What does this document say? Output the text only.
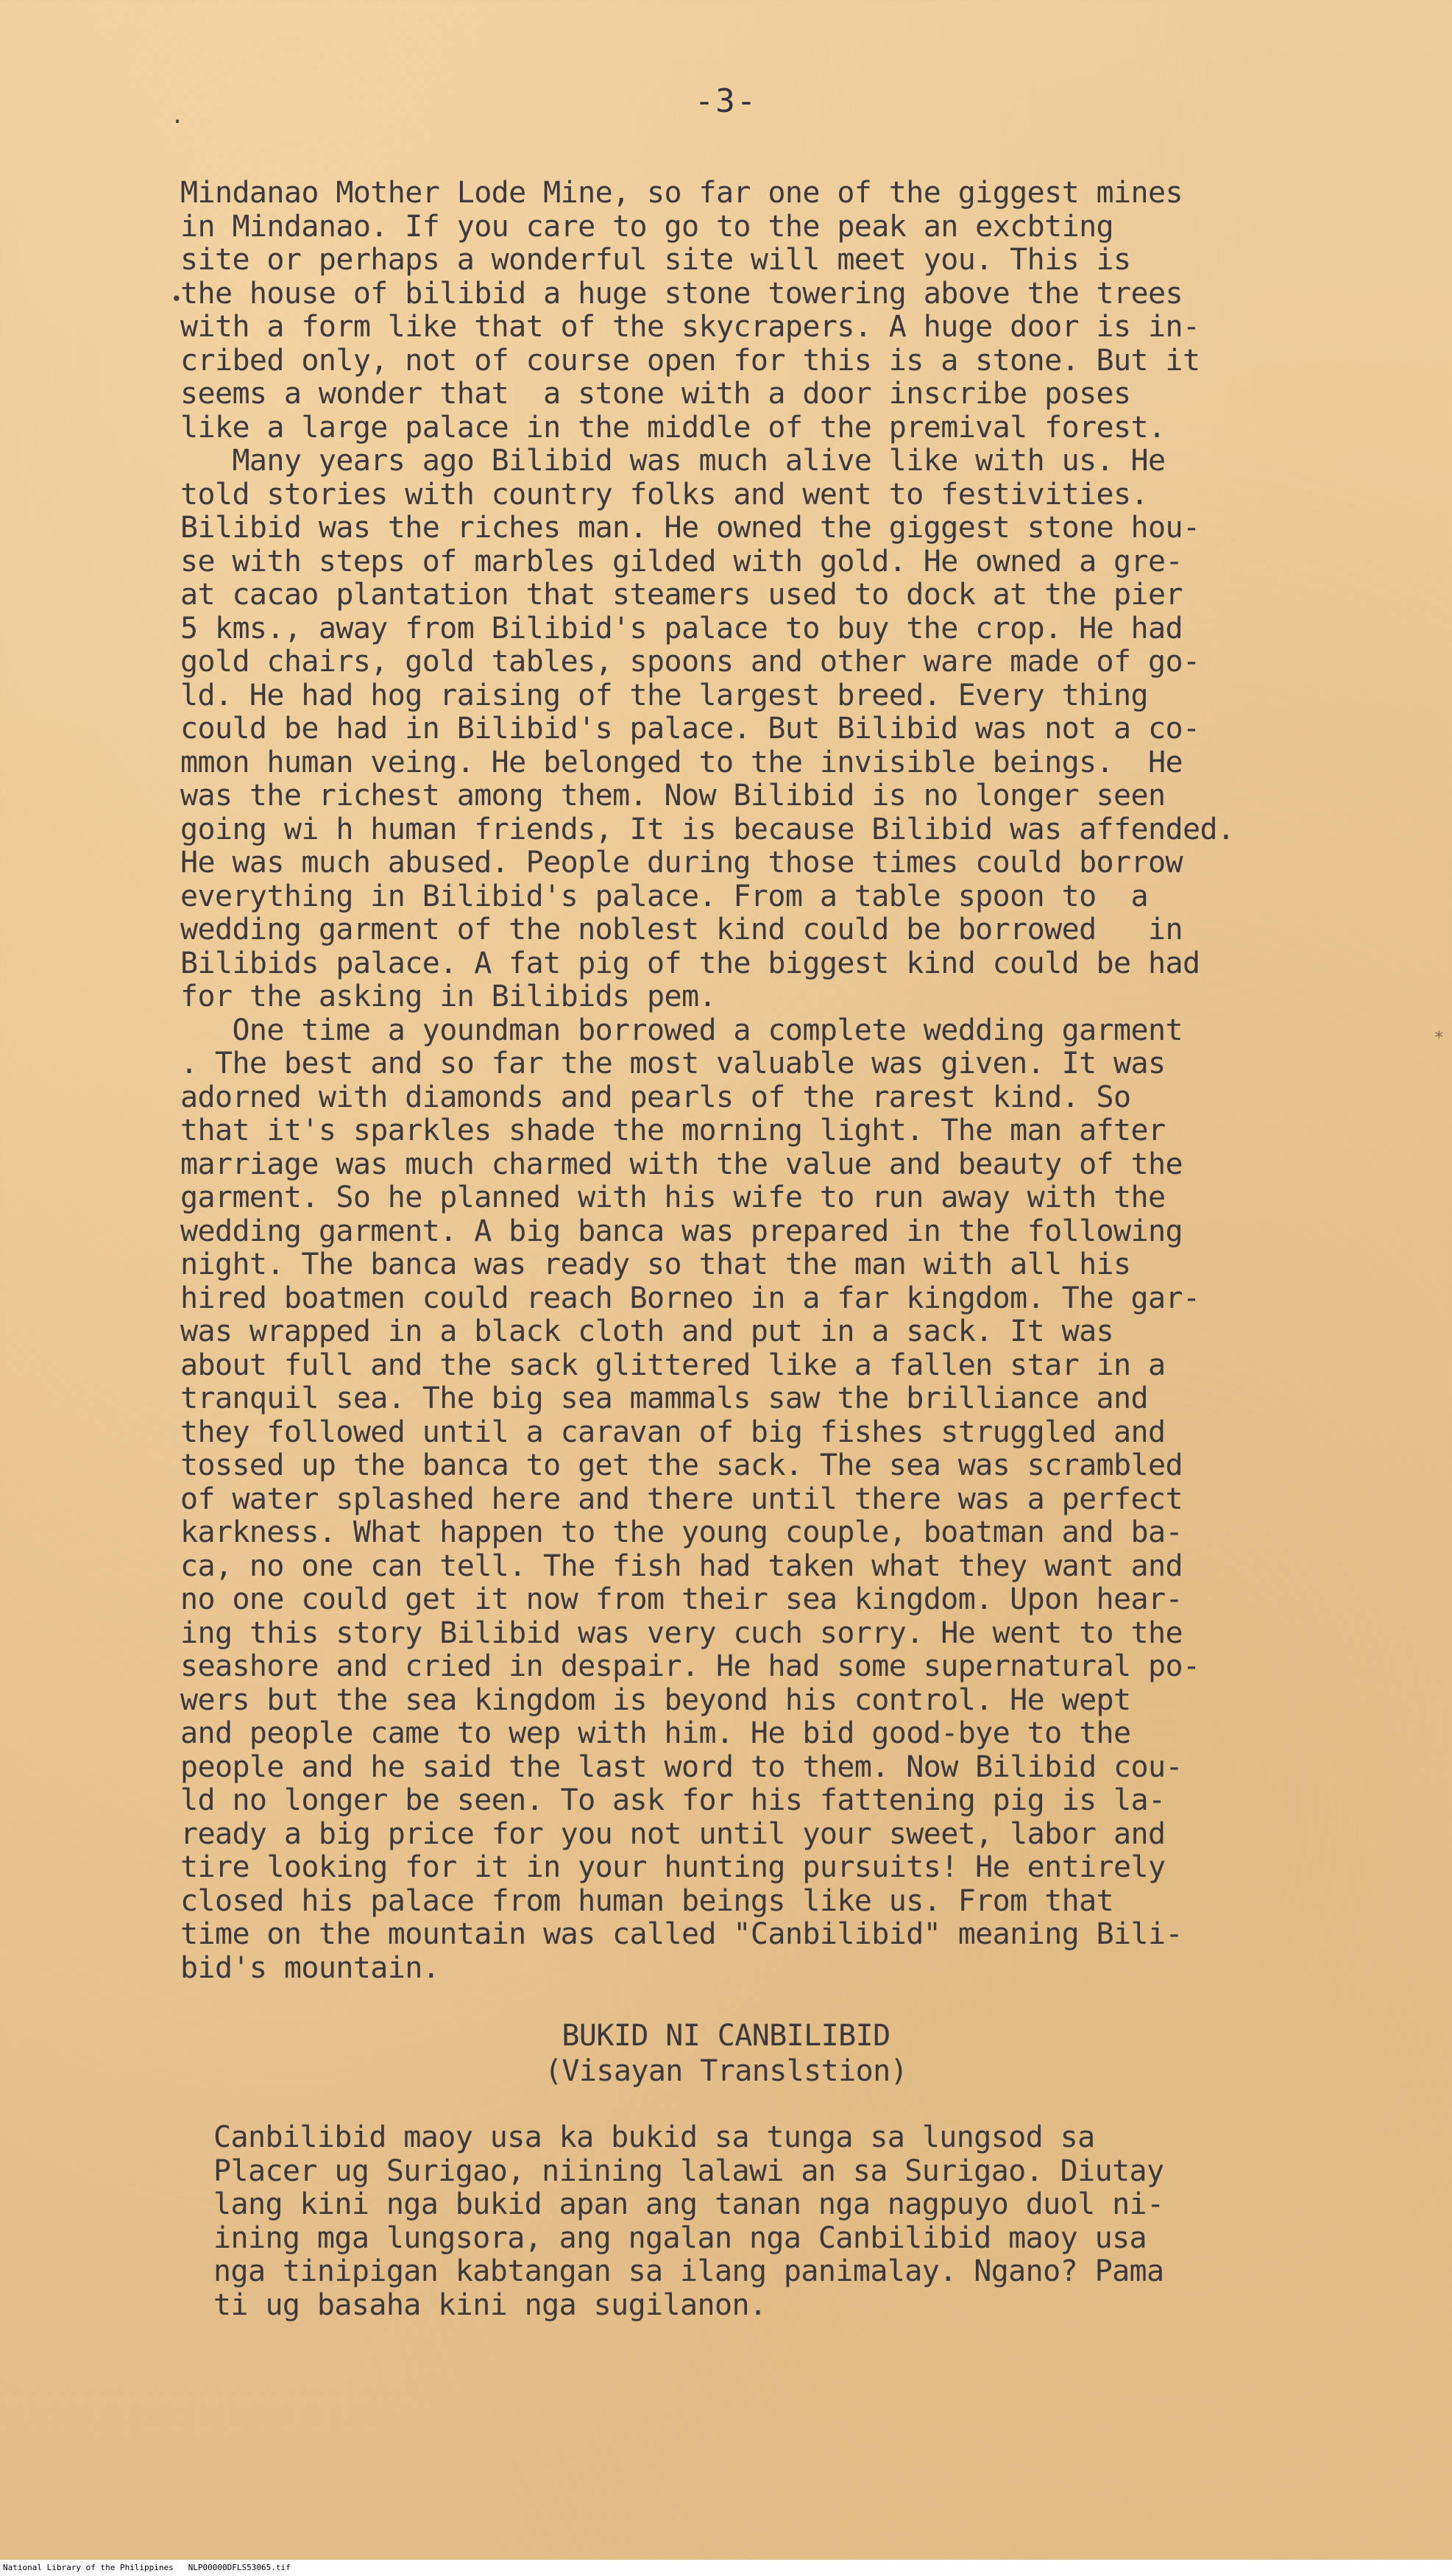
-3-
.
•
*
Mindanao Mother Lode Mine, so far one of the giggest mines
in Mindanao. If you care to go to the peak an excbting
site or perhaps a wonderful site will meet you. This is
the house of bilibid a huge stone towering above the trees
with a form like that of the skycrapers. A huge door is in-
cribed only, not of course open for this is a stone. But it
seems a wonder that  a stone with a door inscribe poses
like a large palace in the middle of the premival forest.
Many years ago Bilibid was much alive like with us. He
told stories with country folks and went to festivities.
Bilibid was the riches man. He owned the giggest stone hou-
se with steps of marbles gilded with gold. He owned a gre-
at cacao plantation that steamers used to dock at the pier
5 kms., away from Bilibid's palace to buy the crop. He had
gold chairs, gold tables, spoons and other ware made of go-
ld. He had hog raising of the largest breed. Every thing
could be had in Bilibid's palace. But Bilibid was not a co-
mmon human veing. He belonged to the invisible beings.  He
was the richest among them. Now Bilibid is no longer seen
going wi h human friends, It is because Bilibid was affended.
He was much abused. People during those times could borrow
everything in Bilibid's palace. From a table spoon to  a
wedding garment of the noblest kind could be borrowed   in
Bilibids palace. A fat pig of the biggest kind could be had
for the asking in Bilibids pem.
One time a youndman borrowed a complete wedding garment
. The best and so far the most valuable was given. It was
adorned with diamonds and pearls of the rarest kind. So
that it's sparkles shade the morning light. The man after
marriage was much charmed with the value and beauty of the
garment. So he planned with his wife to run away with the
wedding garment. A big banca was prepared in the following
night. The banca was ready so that the man with all his
hired boatmen could reach Borneo in a far kingdom. The gar-
was wrapped in a black cloth and put in a sack. It was
about full and the sack glittered like a fallen star in a
tranquil sea. The big sea mammals saw the brilliance and
they followed until a caravan of big fishes struggled and
tossed up the banca to get the sack. The sea was scrambled
of water splashed here and there until there was a perfect
karkness. What happen to the young couple, boatman and ba-
ca, no one can tell. The fish had taken what they want and
no one could get it now from their sea kingdom. Upon hear-
ing this story Bilibid was very cuch sorry. He went to the
seashore and cried in despair. He had some supernatural po-
wers but the sea kingdom is beyond his control. He wept
and people came to wep with him. He bid good-bye to the
people and he said the last word to them. Now Bilibid cou-
ld no longer be seen. To ask for his fattening pig is la-
ready a big price for you not until your sweet, labor and
tire looking for it in your hunting pursuits! He entirely
closed his palace from human beings like us. From that
time on the mountain was called "Canbilibid" meaning Bili-
bid's mountain.
BUKID NI CANBILIBID
(Visayan Translstion)
Canbilibid maoy usa ka bukid sa tunga sa lungsod sa
Placer ug Surigao, niining lalawi an sa Surigao. Diutay
lang kini nga bukid apan ang tanan nga nagpuyo duol ni-
ining mga lungsora, ang ngalan nga Canbilibid maoy usa
nga tinipigan kabtangan sa ilang panimalay. Ngano? Pama
ti ug basaha kini nga sugilanon.
National Library of the Philippines NLP00000DFLS53065.tif
